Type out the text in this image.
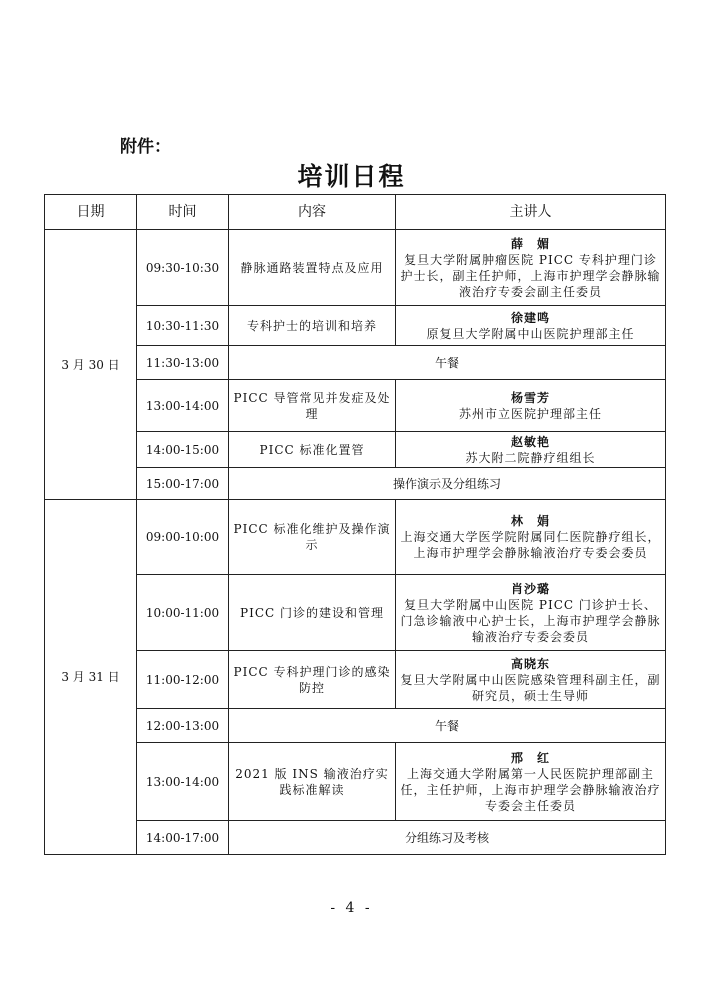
附件：
培训日程
日期	时间	内容	主讲人
3 月 30 日	09:30-10:30	静脉通路装置特点及应用	薛　媚
复旦大学附属肿瘤医院 PICC 专科护理门诊护士长，副主任护师，上海市护理学会静脉输液治疗专委会副主任委员

	10:30-11:30	专科护士的培训和培养	徐建鸣
原复旦大学附属中山医院护理部主任

	11:30-13:00	午餐	
	13:00-14:00	PICC 导管常见并发症及处理	杨雪芳
苏州市立医院护理部主任

	14:00-15:00	PICC 标准化置管	赵敏艳
苏大附二院静疗组组长

	15:00-17:00	操作演示及分组练习	
3 月 31 日	09:00-10:00	PICC 标准化维护及操作演示	林　娟
上海交通大学医学院附属同仁医院静疗组长，上海市护理学会静脉输液治疗专委会委员

	10:00-11:00	PICC 门诊的建设和管理	肖沙璐
复旦大学附属中山医院 PICC 门诊护士长、门急诊输液中心护士长，上海市护理学会静脉输液治疗专委会委员

	11:00-12:00	PICC 专科护理门诊的感染防控	高晓东
复旦大学附属中山医院感染管理科副主任，副研究员，硕士生导师

	12:00-13:00	午餐	
	13:00-14:00	2021 版 INS 输液治疗实践标准解读	邢　红
上海交通大学附属第一人民医院护理部副主任，主任护师，上海市护理学会静脉输液治疗专委会主任委员

	14:00-17:00	分组练习及考核	
- 4 -
